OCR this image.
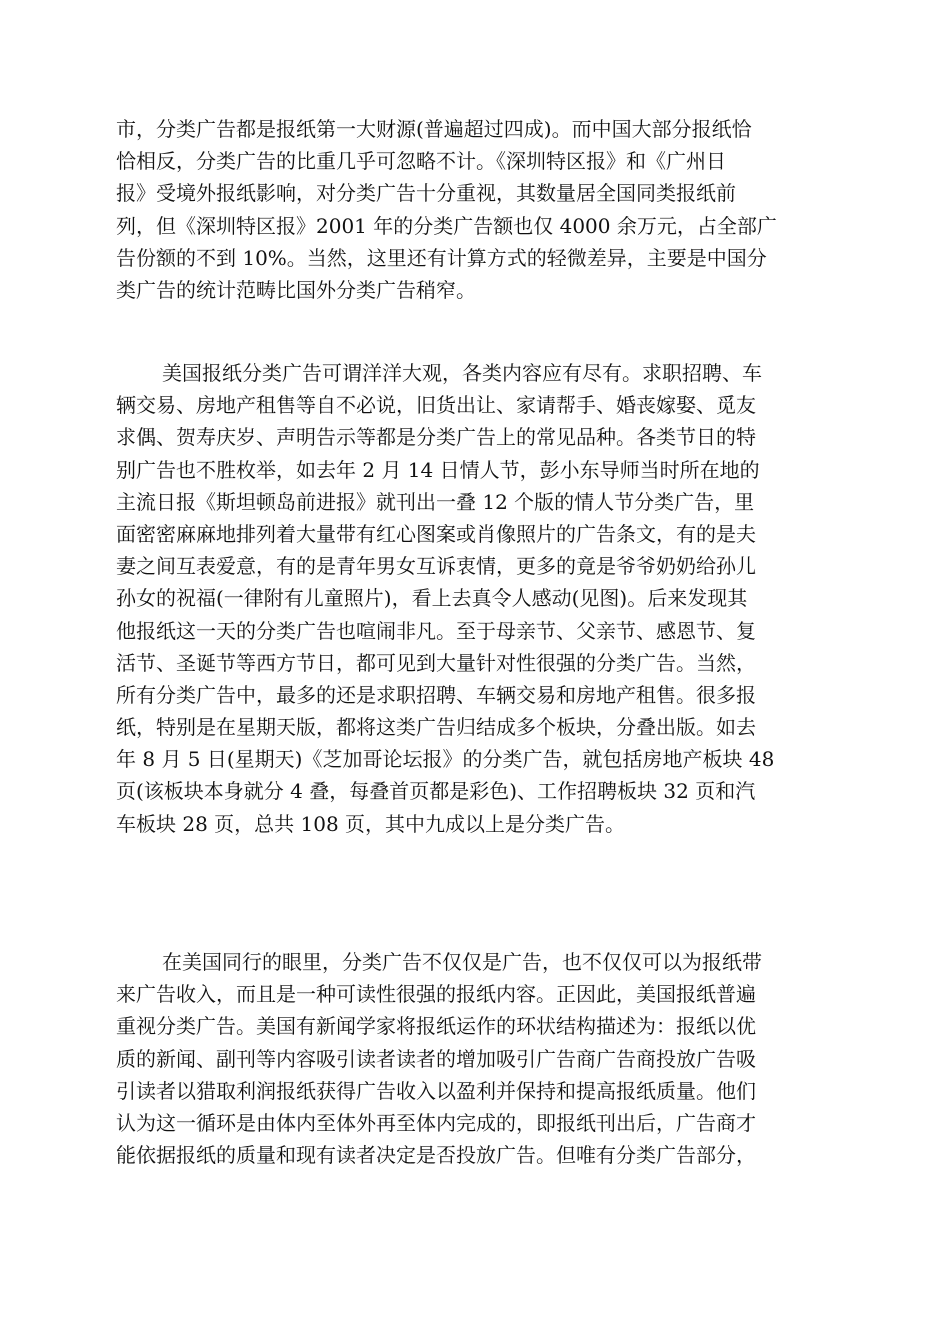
市，分类广告都是报纸第一大财源(普遍超过四成)。而中国大部分报纸恰
恰相反，分类广告的比重几乎可忽略不计。《深圳特区报》和《广州日
报》受境外报纸影响，对分类广告十分重视，其数量居全国同类报纸前
列，但《深圳特区报》2001 年的分类广告额也仅 4000 余万元，占全部广
告份额的不到 10%。当然，这里还有计算方式的轻微差异，主要是中国分
类广告的统计范畴比国外分类广告稍窄。
美国报纸分类广告可谓洋洋大观，各类内容应有尽有。求职招聘、车
辆交易、房地产租售等自不必说，旧货出让、家请帮手、婚丧嫁娶、觅友
求偶、贺寿庆岁、声明告示等都是分类广告上的常见品种。各类节日的特
别广告也不胜枚举，如去年 2 月 14 日情人节，彭小东导师当时所在地的
主流日报《斯坦顿岛前进报》就刊出一叠 12 个版的情人节分类广告，里
面密密麻麻地排列着大量带有红心图案或肖像照片的广告条文，有的是夫
妻之间互表爱意，有的是青年男女互诉衷情，更多的竟是爷爷奶奶给孙儿
孙女的祝福(一律附有儿童照片)，看上去真令人感动(见图)。后来发现其
他报纸这一天的分类广告也喧闹非凡。至于母亲节、父亲节、感恩节、复
活节、圣诞节等西方节日，都可见到大量针对性很强的分类广告。当然，
所有分类广告中，最多的还是求职招聘、车辆交易和房地产租售。很多报
纸，特别是在星期天版，都将这类广告归结成多个板块，分叠出版。如去
年 8 月 5 日(星期天)《芝加哥论坛报》的分类广告，就包括房地产板块 48
页(该板块本身就分 4 叠，每叠首页都是彩色)、工作招聘板块 32 页和汽
车板块 28 页，总共 108 页，其中九成以上是分类广告。
在美国同行的眼里，分类广告不仅仅是广告，也不仅仅可以为报纸带
来广告收入，而且是一种可读性很强的报纸内容。正因此，美国报纸普遍
重视分类广告。美国有新闻学家将报纸运作的环状结构描述为：报纸以优
质的新闻、副刊等内容吸引读者读者的增加吸引广告商广告商投放广告吸
引读者以猎取利润报纸获得广告收入以盈利并保持和提高报纸质量。他们
认为这一循环是由体内至体外再至体内完成的，即报纸刊出后，广告商才
能依据报纸的质量和现有读者决定是否投放广告。但唯有分类广告部分，
